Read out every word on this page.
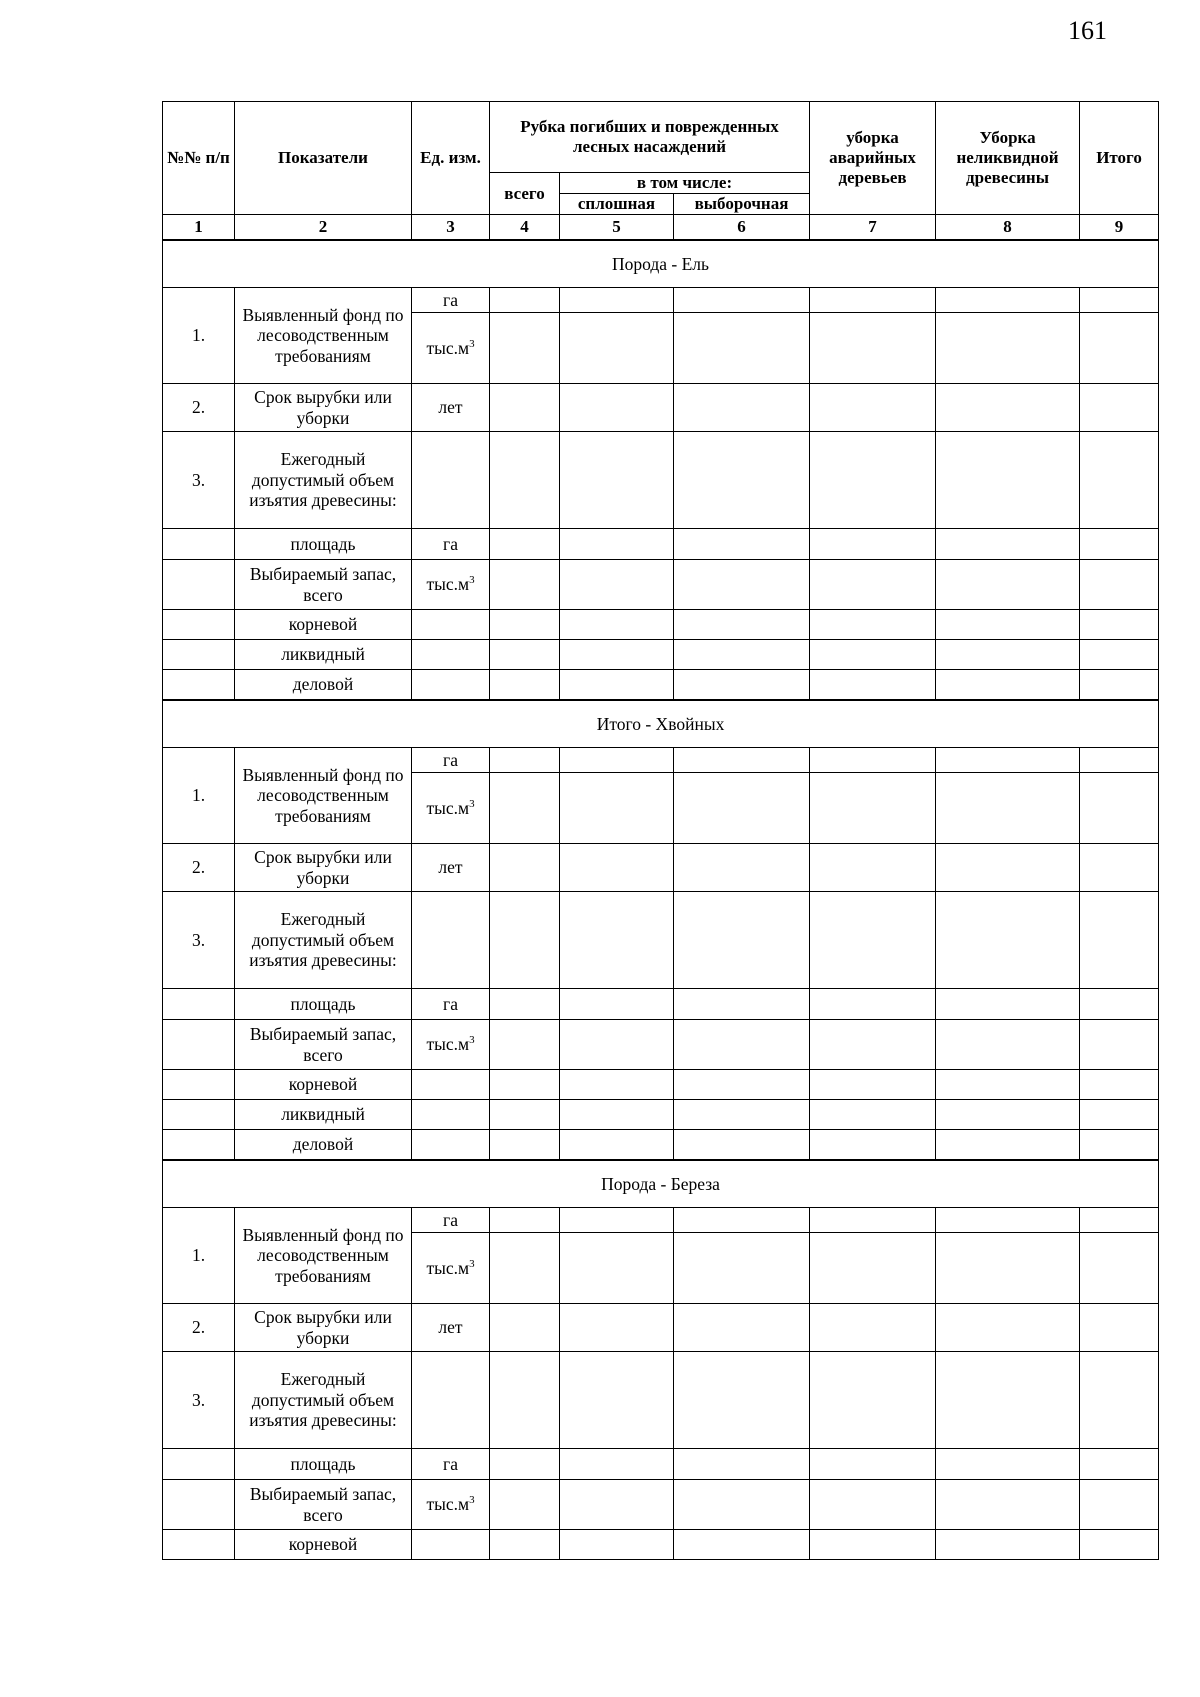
161
№№ п/п	Показатели	Ед. изм.	Рубка погибших и поврежденных лесных насаждений			уборка аварийных деревьев	Уборка неликвидной древесины	Итого
			всего	в том числе:				
				сплошная	выборочная			
1	2	3	4	5	6	7	8	9
Порода - Ель								
1.	Выявленный фонд по лесоводственным требованиям	га						
		$тыс.м^3$						
2.	Срок вырубки или уборки	лет						
3.	Ежегодный допустимый объем изъятия древесины:							
	площадь	га						
	Выбираемый запас, всего	$тыс.м^3$						
	корневой							
	ликвидный							
	деловой							
Итого - Хвойных								
1.	Выявленный фонд по лесоводственным требованиям	га						
		$тыс.м^3$						
2.	Срок вырубки или уборки	лет						
3.	Ежегодный допустимый объем изъятия древесины:							
	площадь	га						
	Выбираемый запас, всего	$тыс.м^3$						
	корневой							
	ликвидный							
	деловой							
Порода - Береза								
1.	Выявленный фонд по лесоводственным требованиям	га						
		$тыс.м^3$						
2.	Срок вырубки или уборки	лет						
3.	Ежегодный допустимый объем изъятия древесины:							
	площадь	га						
	Выбираемый запас, всего	$тыс.м^3$						
	корневой							
